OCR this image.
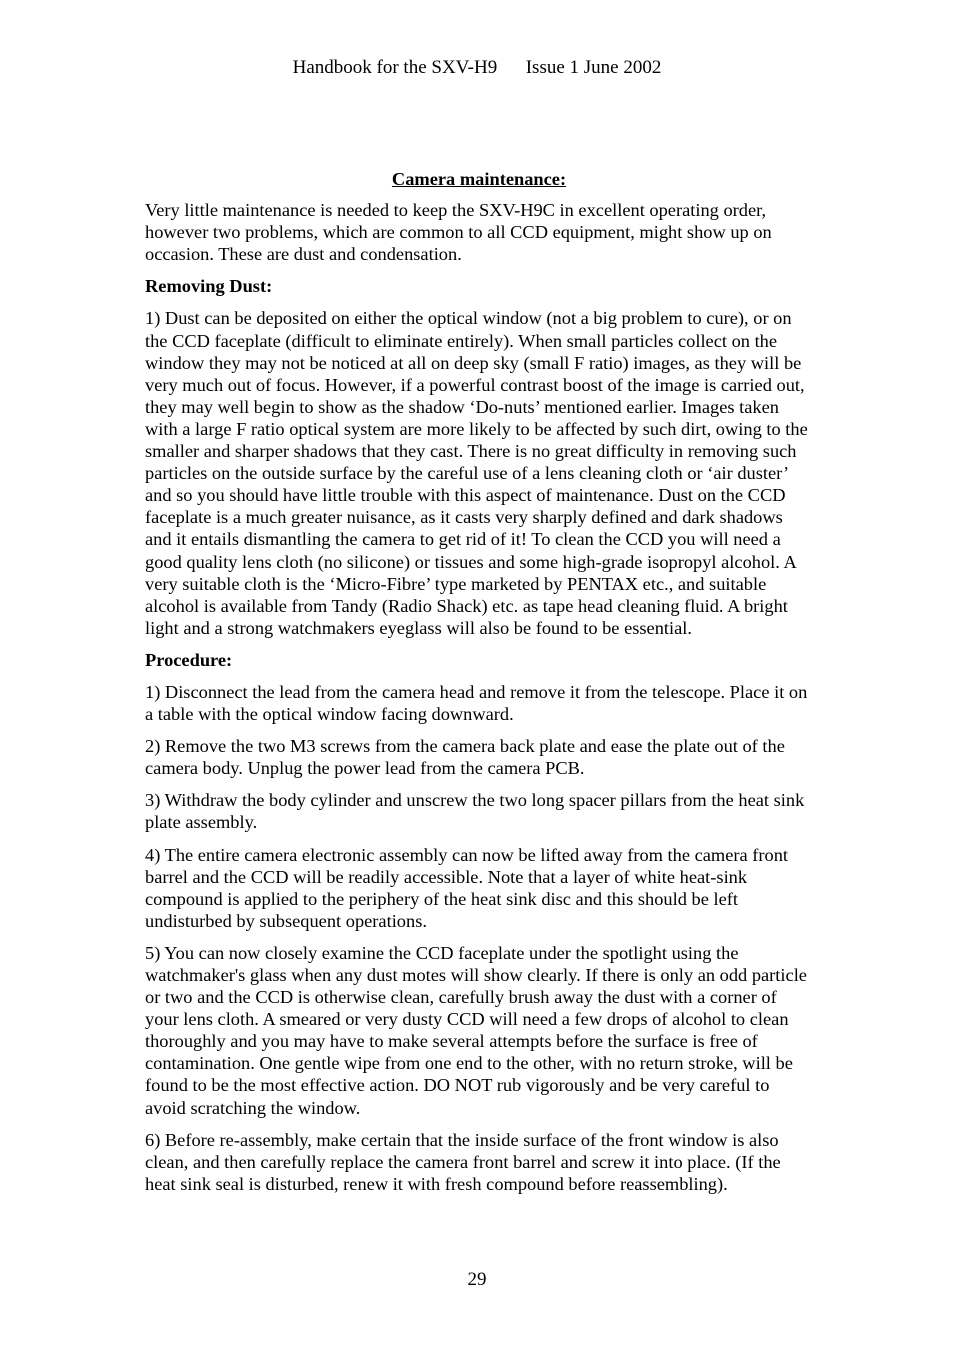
Handbook for the SXV-H9 Issue 1 June 2002
Camera maintenance:

Very little maintenance is needed to keep the SXV-H9C in excellent operating order, however two problems, which are common to all CCD equipment, might show up on occasion. These are dust and condensation.

Removing Dust:

1) Dust can be deposited on either the optical window (not a big problem to cure), or on the CCD faceplate (difficult to eliminate entirely). When small particles collect on the window they may not be noticed at all on deep sky (small F ratio) images, as they will be very much out of focus. However, if a powerful contrast boost of the image is carried out, they may well begin to show as the shadow ‘Do-nuts’ mentioned earlier. Images taken with a large F ratio optical system are more likely to be affected by such dirt, owing to the smaller and sharper shadows that they cast. There is no great difficulty in removing such particles on the outside surface by the careful use of a lens cleaning cloth or ‘air duster’ and so you should have little trouble with this aspect of maintenance. Dust on the CCD faceplate is a much greater nuisance, as it casts very sharply defined and dark shadows and it entails dismantling the camera to get rid of it! To clean the CCD you will need a good quality lens cloth (no silicone) or tissues and some high-grade isopropyl alcohol. A very suitable cloth is the ‘Micro-Fibre’ type marketed by PENTAX etc., and suitable alcohol is available from Tandy (Radio Shack) etc. as tape head cleaning fluid. A bright light and a strong watchmakers eyeglass will also be found to be essential.

Procedure:

1) Disconnect the lead from the camera head and remove it from the telescope. Place it on a table with the optical window facing downward.

2) Remove the two M3 screws from the camera back plate and ease the plate out of the camera body. Unplug the power lead from the camera PCB.

3) Withdraw the body cylinder and unscrew the two long spacer pillars from the heat sink plate assembly.

4) The entire camera electronic assembly can now be lifted away from the camera front barrel and the CCD will be readily accessible. Note that a layer of white heat-sink compound is applied to the periphery of the heat sink disc and this should be left undisturbed by subsequent operations.

5) You can now closely examine the CCD faceplate under the spotlight using the watchmaker's glass when any dust motes will show clearly. If there is only an odd particle or two and the CCD is otherwise clean, carefully brush away the dust with a corner of your lens cloth. A smeared or very dusty CCD will need a few drops of alcohol to clean thoroughly and you may have to make several attempts before the surface is free of contamination. One gentle wipe from one end to the other, with no return stroke, will be found to be the most effective action. DO NOT rub vigorously and be very careful to avoid scratching the window.

6) Before re-assembly, make certain that the inside surface of the front window is also clean, and then carefully replace the camera front barrel and screw it into place. (If the heat sink seal is disturbed, renew it with fresh compound before reassembling).

29
